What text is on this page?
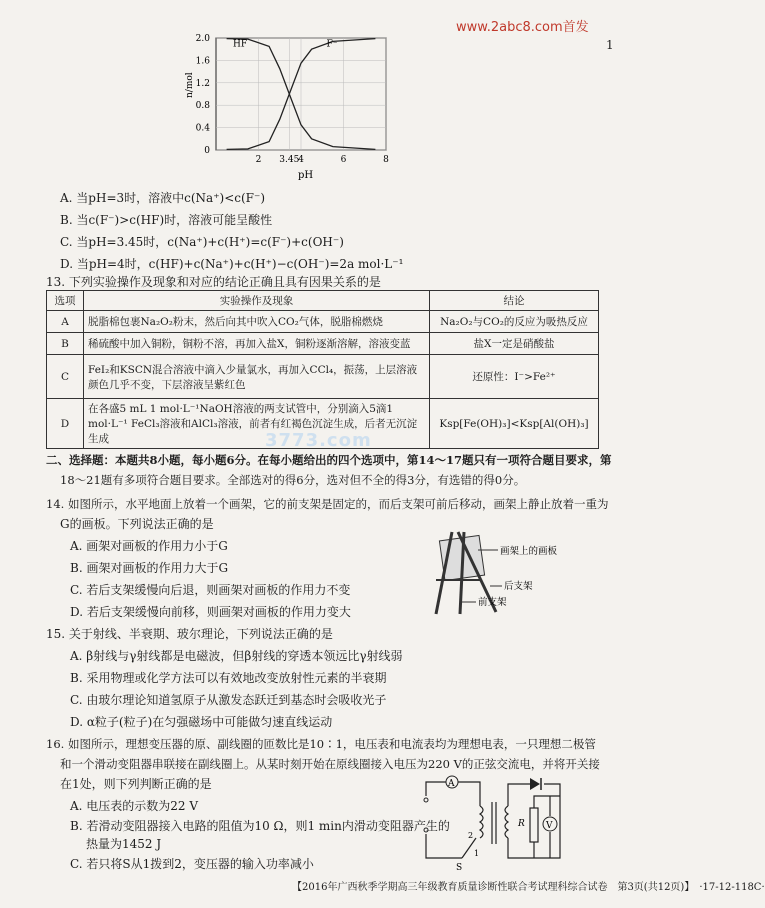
www.2abc8.com首发
1
3773.com
n/mol
pH
2.0
1.6
1.2
0.8
0.4
0
2 3.45
4	6	8
HF	F⁻
A. 当pH=3时，溶液中c(Na⁺)<c(F⁻)
B. 当c(F⁻)>c(HF)时，溶液可能呈酸性
C. 当pH=3.45时，c(Na⁺)+c(H⁺)=c(F⁻)+c(OH⁻)
D. 当pH=4时，c(HF)+c(Na⁺)+c(H⁺)−c(OH⁻)=2a mol·L⁻¹
13. 下列实验操作及现象和对应的结论正确且具有因果关系的是
选项	实验操作及现象	结论
A	脱脂棉包裹Na₂O₂粉末，然后向其中吹入CO₂气体，脱脂棉燃烧	Na₂O₂与CO₂的反应为吸热反应
B	稀硫酸中加入铜粉，铜粉不溶，再加入盐X，铜粉逐渐溶解，溶液变蓝	盐X一定是硝酸盐
C	FeI₂和KSCN混合溶液中滴入少量氯水，再加入CCl₄，振荡，上层溶液颜色几乎不变，下层溶液呈紫红色	还原性：I⁻>Fe²⁺
D	在各盛5 mL 1 mol·L⁻¹NaOH溶液的两支试管中，分别滴入5滴1 mol·L⁻¹ FeCl₃溶液和AlCl₃溶液，前者有红褐色沉淀生成，后者无沉淀生成	Ksp[Fe(OH)₃]<Ksp[Al(OH)₃]
二、选择题：本题共8小题，每小题6分。在每小题给出的四个选项中，第14～17题只有一项符合题目要求，第
18～21题有多项符合题目要求。全部选对的得6分，选对但不全的得3分，有选错的得0分。
14. 如图所示，水平地面上放着一个画架，它的前支架是固定的，而后支架可前后移动，画架上静止放着一重为
G的画板。下列说法正确的是
A. 画架对画板的作用力小于G
B. 画架对画板的作用力大于G
C. 若后支架缓慢向后退，则画架对画板的作用力不变
D. 若后支架缓慢向前移，则画架对画板的作用力变大
画架上的画板
后支架
前支架
15. 关于射线、半衰期、玻尔理论，下列说法正确的是
A. β射线与γ射线都是电磁波，但β射线的穿透本领远比γ射线弱
B. 采用物理或化学方法可以有效地改变放射性元素的半衰期
C. 由玻尔理论知道氢原子从激发态跃迁到基态时会吸收光子
D. α粒子(粒子)在匀强磁场中可能做匀速直线运动
16. 如图所示，理想变压器的原、副线圈的匝数比是10∶1，电压表和电流表均为理想电表，一只理想二极管
和一个滑动变阻器串联接在副线圈上。从某时刻开始在原线圈接入电压为220 V的正弦交流电，并将开关接
在1处，则下列判断正确的是
A. 电压表的示数为22 V
B. 若滑动变阻器接入电路的阻值为10 Ω，则1 min内滑动变阻器产生的
热量为1452 J
C. 若只将S从1拨到2，变压器的输入功率减小
A
V
R
S
1
2
【2016年广西秋季学期高三年级教育质量诊断性联合考试理科综合试卷　第3页(共12页)】　·17-12-118C·
